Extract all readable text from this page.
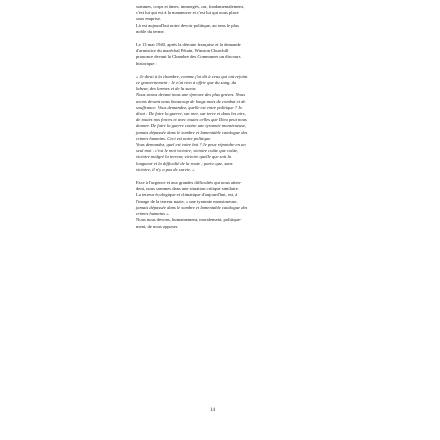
sommes, corps et âmes, immergés, car, fondamentalement,

c'est lui qui est à la manœuvre et c'est lui qui nous place

sous emprise.

Là est aujourd'hui notre devoir politique, au sens le plus

noble du terme.

Le 13 mai 1940, après la déroute française et la demande

d'armistice du maréchal Pétain, Winston Churchill

prononce devant la Chambre des Communes un discours

historique :

« Je dirai à la chambre, comme j'ai dit à ceux qui ont rejoint

ce gouvernement : Je n'ai rien à offrir que du sang, du

labeur, des larmes et de la sueur.

Nous avons devant nous une épreuve des plus graves. Nous

avons devant nous beaucoup de longs mois de combat et de

souffrance. Vous demandez, quelle est votre politique ? Je

dirai : De faire la guerre, sur mer, sur terre et dans les airs,

de toutes nos forces et avec toutes celles que Dieu peut nous

donner. De faire la guerre contre une tyrannie monstrueuse,

jamais dépassée dans le sombre et lamentable catalogue des

crimes humains. Ceci est notre politique.

Vous demandez, quel est votre but ? Je peux répondre en un

seul mot : c'est le mot victoire, victoire coûte que coûte,

victoire malgré la terreur, victoire quelle que soit la

longueur et la difficulté de la route ; parce que, sans

victoire, il n'y a pas de survie. »

Face à l'urgence et aux grandes difficultés qui nous atten-

dent, nous sommes dans une situation critique similaire.

La terreur écologique et climatique d'aujourd'hui, est, à

l'image de la terreur nazie, « une tyrannie monstrueuse,

jamais dépassée dans le sombre et lamentable catalogue des

crimes humains ».

Nous nous devons, humainement, moralement, politique-

ment, de nous opposer.

14
